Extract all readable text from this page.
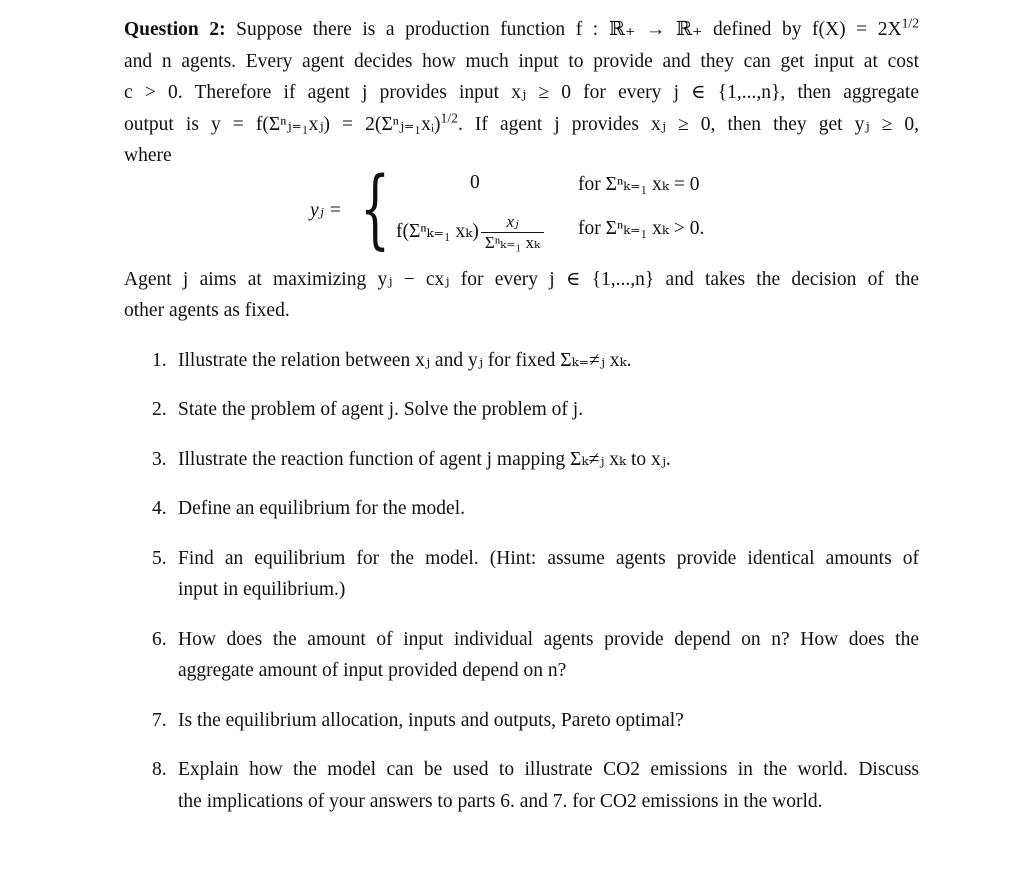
Question 2: Suppose there is a production function f : ℝ₊ → ℝ₊ defined by $f(X) = 2X^{1/2}$
and n agents. Every agent decides how much input to provide and they can get input at cost
c > 0. Therefore if agent j provides input xⱼ ≥ 0 for every j ∈ {1,...,n}, then aggregate
output is y = f(Σⁿⱼ₌₁xⱼ) = 2(Σⁿⱼ₌₁xᵢ)$^{1/2}$. If agent j provides xⱼ ≥ 0, then they get yⱼ ≥ 0,
where

yⱼ = {	0	for Σⁿₖ₌₁ xₖ = 0
f(Σⁿₖ₌₁ $x_k) \frac{\text{xⱼ}}{\text{Σⁿₖ₌₁ xₖ}}$ for Σⁿₖ₌₁ xₖ > 0.

Agent j aims at maximizing yⱼ − cxⱼ for every j ∈ {1,...,n} and takes the decision of the
other agents as fixed.

1. Illustrate the relation between xⱼ and yⱼ for fixed Σₖ₌≠ⱼ xₖ.
2. State the problem of agent j. Solve the problem of j.
3. Illustrate the reaction function of agent j mapping Σₖ≠ⱼ xₖ to xⱼ.
4. Define an equilibrium for the model.
5. Find an equilibrium for the model. (Hint: assume agents provide identical amounts of
input in equilibrium.)
6. How does the amount of input individual agents provide depend on n? How does the
aggregate amount of input provided depend on n?
7. Is the equilibrium allocation, inputs and outputs, Pareto optimal?
8. Explain how the model can be used to illustrate CO2 emissions in the world. Discuss
the implications of your answers to parts 6. and 7. for CO2 emissions in the world.
